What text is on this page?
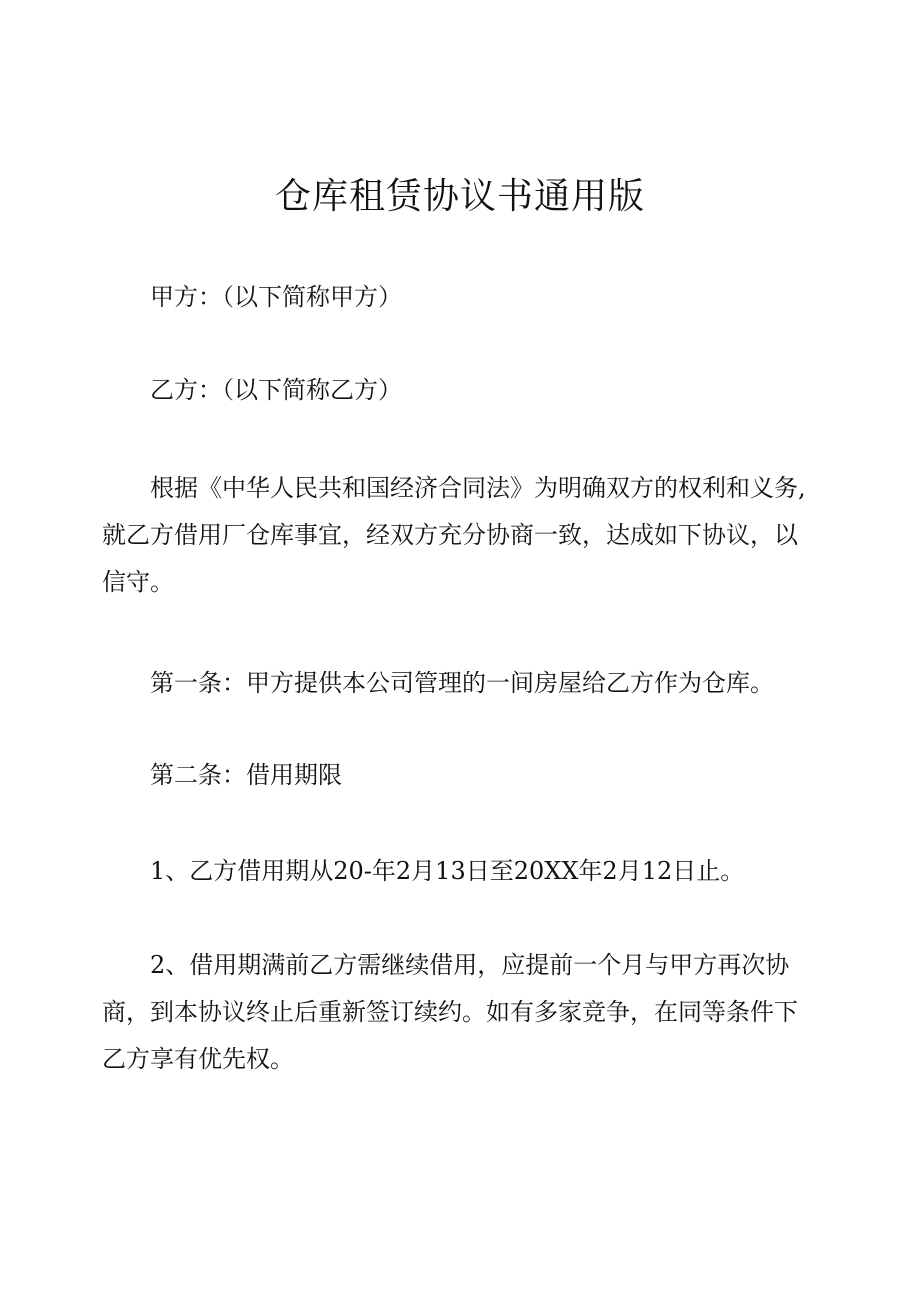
仓库租赁协议书通用版

甲方：（以下简称甲方）

乙方：（以下简称乙方）

根据《中华人民共和国经济合同法》为明确双方的权利和义务,就乙方借用厂仓库事宜，经双方充分协商一致，达成如下协议，以信守。

第一条：甲方提供本公司管理的一间房屋给乙方作为仓库。

第二条：借用期限

1、乙方借用期从20-年2月13日至20XX年2月12日止。

2、借用期满前乙方需继续借用，应提前一个月与甲方再次协商，到本协议终止后重新签订续约。如有多家竞争，在同等条件下乙方享有优先权。
